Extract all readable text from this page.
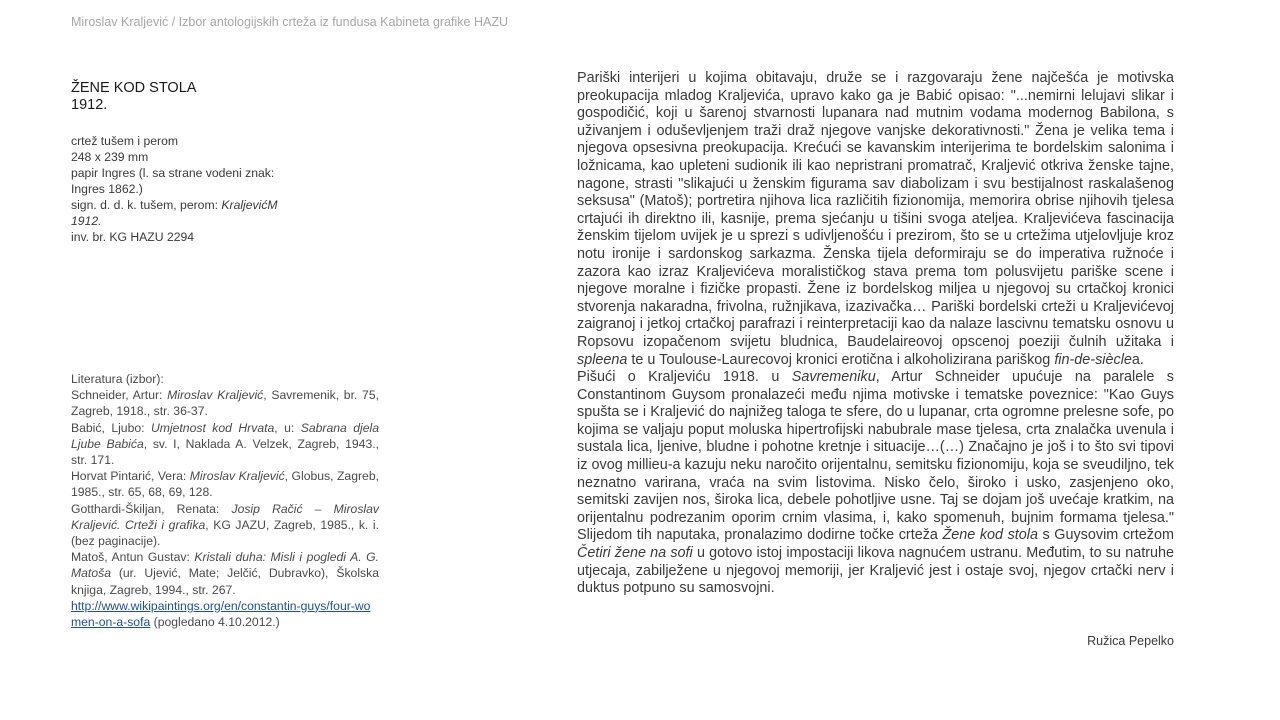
Miroslav Kraljević / Izbor antologijskih crteža iz fundusa Kabineta grafike HAZU
ŽENE KOD STOLA
1912.
crtež tušem i perom
248 x 239 mm
papir Ingres (l. sa strane vodeni znak: Ingres 1862.)
sign. d. d. k. tušem, perom: KraljevićM 1912.
inv. br. KG HAZU 2294
Literatura (izbor):
Schneider, Artur: Miroslav Kraljević, Savremenik, br. 75, Zagreb, 1918., str. 36-37.
Babić, Ljubo: Umjetnost kod Hrvata, u: Sabrana djela Ljube Babića, sv. I, Naklada A. Velzek, Zagreb, 1943., str. 171.
Horvat Pintarić, Vera: Miroslav Kraljević, Globus, Zagreb, 1985., str. 65, 68, 69, 128.
Gotthardi-Škiljan, Renata: Josip Račić – Miroslav Kraljević. Crteži i grafika, KG JAZU, Zagreb, 1985., k. i. (bez paginacije).
Matoš, Antun Gustav: Kristali duha: Misli i pogledi A. G. Matoša (ur. Ujević, Mate; Jelčić, Dubravko), Školska knjiga, Zagreb, 1994., str. 267.
http://www.wikipaintings.org/en/constantin-guys/four-women-on-a-sofa (pogledano 4.10.2012.)

Pariški interijeri u kojima obitavaju, druže se i razgovaraju žene najčešća je motivska preokupacija mladog Kraljevića, upravo kako ga je Babić opisao: "...nemirni lelujavi slikar i gospodičić, koji u šarenoj stvarnosti lupanara nad mutnim vodama modernog Babilona, s uživanjem i oduševljenjem traži draž njegove vanjske dekorativnosti." Žena je velika tema i njegova opsesivna preokupacija. Krećući se kavanskim interijerima te bordelskim salonima i ložnicama, kao upleteni sudionik ili kao nepristrani promatrač, Kraljević otkriva ženske tajne, nagone, strasti "slikajući u ženskim figurama sav diabolizam i svu bestijalnost raskalašenog seksusa" (Matoš); portretira njihova lica različitih fizionomija, memorira obrise njihovih tjelesa crtajući ih direktno ili, kasnije, prema sjećanju u tišini svoga atelјea. Kraljevićeva fascinacija ženskim tijelom uvijek je u sprezi s udivljenošću i prezirom, što se u crtežima utjelovljuje kroz notu ironije i sardonskog sarkazma. Ženska tijela deformiraju se do imperativa ružnoće i zazora kao izraz Kraljevićeva moralističkog stava prema tom polusvijetu pariške scene i njegove moralne i fizičke propasti. Žene iz bordelskog miljea u njegovoj su crtačkoj kronici stvorenja nakaradna, frivolna, ružnjikava, izazivačka… Pariški bordelski crteži u Kraljevićevoj zaigranoj i jetkoj crtačkoj parafrazi i reinterpretaciji kao da nalaze lascivnu tematsku osnovu u Ropsovu izopačenom svijetu bludnica, Baudelaireovoj opscenoj poeziji čulnih užitaka i spleena te u Toulouse-Laurecovoj kronici erotična i alkoholizirana pariškog fin-de-sièclea.

Pišući o Kraljeviću 1918. u Savremeniku, Artur Schneider upućuje na paralele s Constantinom Guysom pronalazeći među njima motivske i tematske poveznice: "Kao Guys spušta se i Kraljević do najnižeg taloga te sfere, do u lupanar, crta ogromne prelesne sofe, po kojima se valjaju poput moluska hipertrofijski nabubrale mase tjelesa, crta znalačka uvenula i sustala lica, ljenive, bludne i pohotne kretnje i situacije…(…) Značajno je još i to što svi tipovi iz ovog millieu-a kazuju neku naročito orijentalnu, semitsku fizionomiju, koja se sveudiljno, tek neznatno varirana, vraća na svim listovima. Nisko čelo, široko i usko, zasjenjeno oko, semitski zavijen nos, široka lica, debele pohotljive usne. Taj se dojam još uvećaje kratkim, na orijentalnu podrezanim oporim crnim vlasima, i, kako spomenuh, bujnim formama tjelesa." Slijedom tih naputaka, pronalazimo dodirne točke crteža Žene kod stola s Guysovim crtežom Četiri žene na sofi u gotovo istoj impostaciji likova nagnućem ustranu. Međutim, to su natruhe utjecaja, zabilježene u njegovoj memoriji, jer Kraljević jest i ostaje svoj, njegov crtački nerv i duktus potpuno su samosvojni.

Ružica Pepelko
